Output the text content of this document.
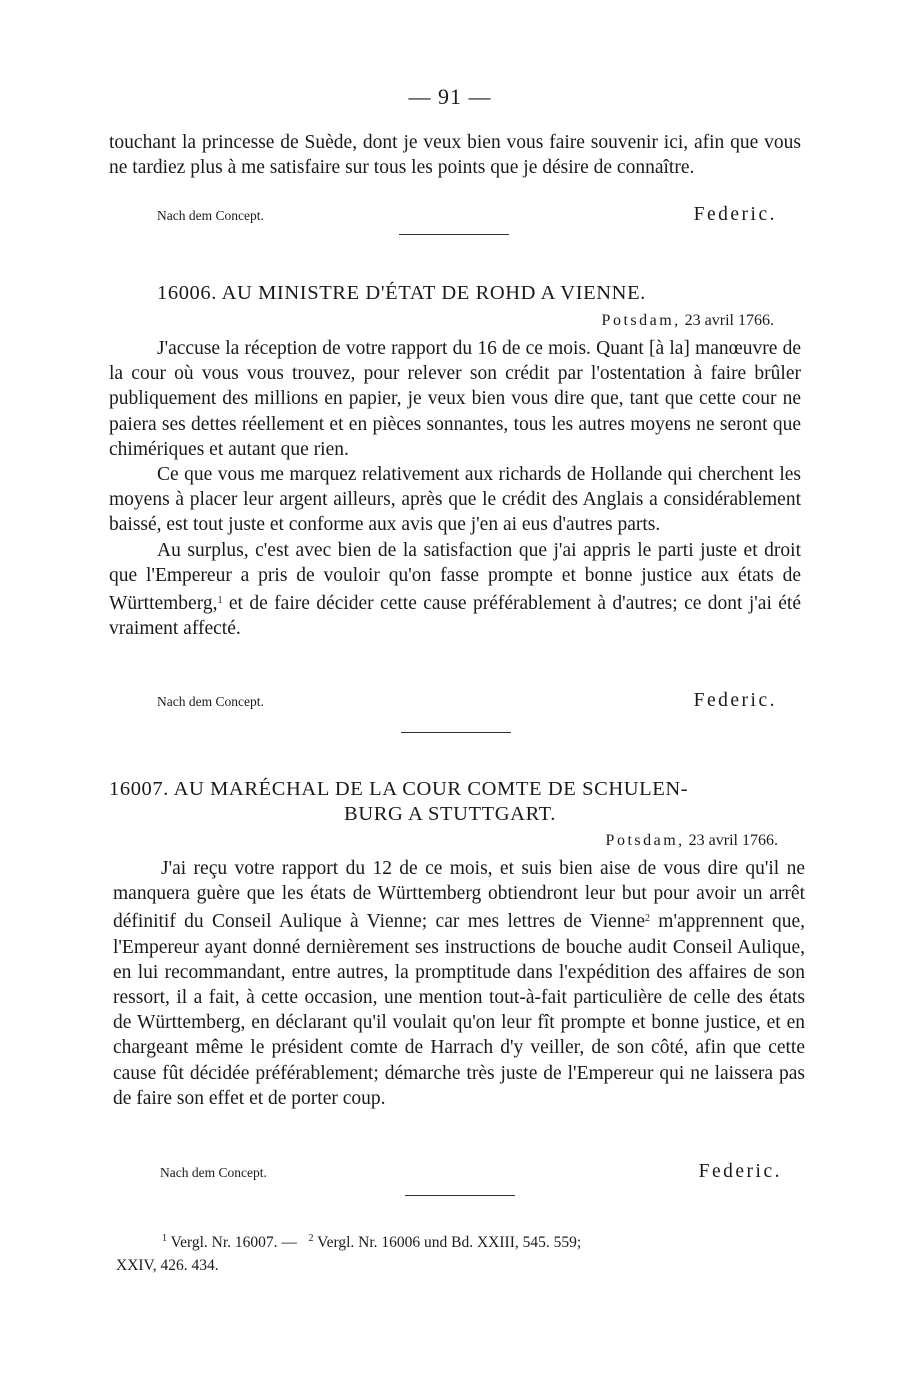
— 91 —

touchant la princesse de Suède, dont je veux bien vous faire souvenir ici, afin que vous ne tardiez plus à me satisfaire sur tous les points que je désire de connaître.

Nach dem Concept.	Federic.
16006. AU MINISTRE D'ÉTAT DE ROHD A VIENNE.
Potsdam, 23 avril 1766.

J'accuse la réception de votre rapport du 16 de ce mois. Quant [à la] manœuvre de la cour où vous vous trouvez, pour relever son crédit par l'ostentation à faire brûler publiquement des millions en papier, je veux bien vous dire que, tant que cette cour ne paiera ses dettes réellement et en pièces sonnantes, tous les autres moyens ne seront que chimériques et autant que rien.

Ce que vous me marquez relativement aux richards de Hollande qui cherchent les moyens à placer leur argent ailleurs, après que le crédit des Anglais a considérablement baissé, est tout juste et conforme aux avis que j'en ai eus d'autres parts.

Au surplus, c'est avec bien de la satisfaction que j'ai appris le parti juste et droit que l'Empereur a pris de vouloir qu'on fasse prompte et bonne justice aux états de Württemberg,$^1$ et de faire décider cette cause préférablement à d'autres; ce dont j'ai été vraiment affecté.

Nach dem Concept.	Federic.
16007. AU MARÉCHAL DE LA COUR COMTE DE SCHULEN-
BURG A STUTTGART.
Potsdam, 23 avril 1766.

J'ai reçu votre rapport du 12 de ce mois, et suis bien aise de vous dire qu'il ne manquera guère que les états de Württemberg obtiendront leur but pour avoir un arrêt définitif du Conseil Aulique à Vienne; car mes lettres de Vienne$^2$ m'apprennent que, l'Empereur ayant donné dernièrement ses instructions de bouche audit Conseil Aulique, en lui recommandant, entre autres, la promptitude dans l'expédition des affaires de son ressort, il a fait, à cette occasion, une mention tout-à-fait particulière de celle des états de Württemberg, en déclarant qu'il voulait qu'on leur fît prompte et bonne justice, et en chargeant même le président comte de Harrach d'y veiller, de son côté, afin que cette cause fût décidée préférablement; démarche très juste de l'Empereur qui ne laissera pas de faire son effet et de porter coup.

Nach dem Concept.	Federic.

$^1$ Vergl. Nr. 16007. — $^2$ Vergl. Nr. 16006 und Bd. XXIII, 545. 559;

XXIV, 426. 434.
